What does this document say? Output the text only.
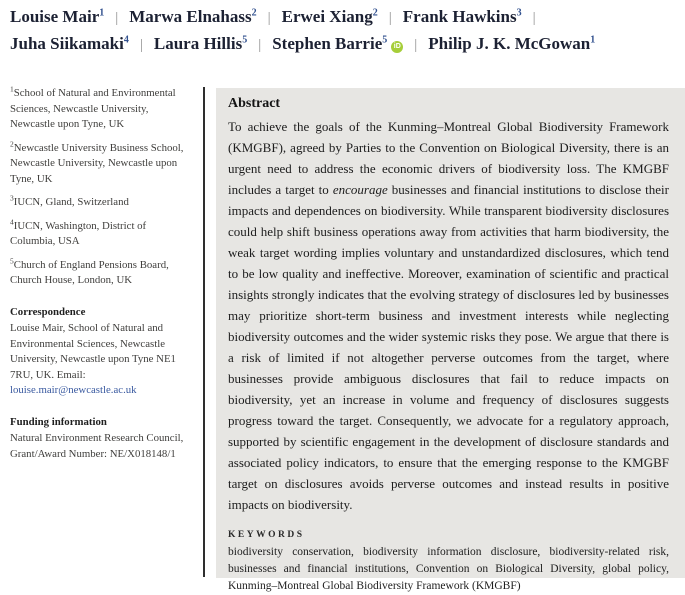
Louise Mair$^1$ | Marwa Elnahass$^2$ | Erwei Xiang$^2$ | Frank Hawkins$^3$ |
Juha Siikamaki$^4$ | Laura Hillis$^5$ | Stephen Barrie$^5$iD | Philip J. K. McGowan$^1$

$^1$School of Natural and Environmental Sciences, Newcastle University, Newcastle upon Tyne, UK

$^2$Newcastle University Business School, Newcastle University, Newcastle upon Tyne, UK

$^3$IUCN, Gland, Switzerland

$^4$IUCN, Washington, District of Columbia, USA

$^5$Church of England Pensions Board, Church House, London, UK

Correspondence

Louise Mair, School of Natural and Environmental Sciences, Newcastle University, Newcastle upon Tyne NE1 7RU, UK. Email:
louise.mair@newcastle.ac.uk

Funding information

Natural Environment Research Council, Grant/Award Number: NE/X018148/1

Abstract
To achieve the goals of the Kunming–Montreal Global Biodiversity Framework (KMGBF), agreed by Parties to the Convention on Biological Diversity, there is an urgent need to address the economic drivers of biodiversity loss. The KMGBF includes a target to encourage businesses and financial institutions to disclose their impacts and dependences on biodiversity. While transparent biodiversity disclosures could help shift business operations away from activities that harm biodiversity, the weak target wording implies voluntary and unstandardized disclosures, which tend to be low quality and ineffective. Moreover, examination of scientific and practical insights strongly indicates that the evolving strategy of disclosures led by businesses may prioritize short-term business and investment interests while neglecting biodiversity outcomes and the wider systemic risks they pose. We argue that there is a risk of limited if not altogether perverse outcomes from the target, where businesses provide ambiguous disclosures that fail to reduce impacts on biodiversity, yet an increase in volume and frequency of disclosures suggests progress toward the target. Consequently, we advocate for a regulatory approach, supported by scientific engagement in the development of disclosure standards and associated policy indicators, to ensure that the emerging response to the KMGBF target on disclosures avoids perverse outcomes and instead results in positive impacts on biodiversity.
KEYWORDS
biodiversity conservation, biodiversity information disclosure, biodiversity-related risk, businesses and financial institutions, Convention on Biological Diversity, global policy, Kunming–Montreal Global Biodiversity Framework (KMGBF)
